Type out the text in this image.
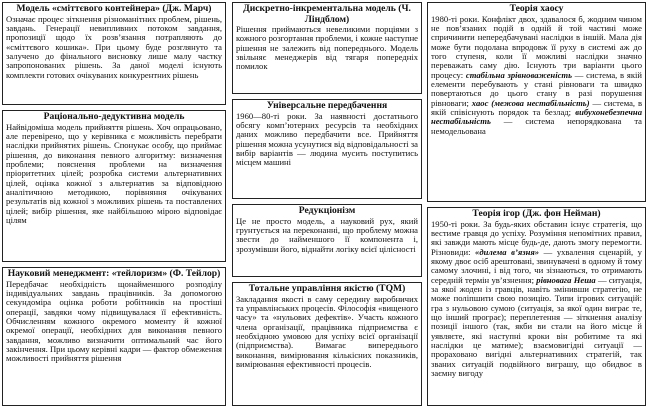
Модель «сміттєвого контейнера» (Дж. Марч)

Означає процес зіткнення різноманітних проблем, рішень, завдань. Генерації невипливних потоком завдання, пропозиції щодо їх розв’язання потрапляють до «сміттєвого кошика». При цьому буде розглянуто та залучено до фінального висновку лише малу частку запропонованих рішень. За даної моделі існують комплекти готових очікуваних конкурентних рішень

Раціонально-дедуктивна модель

Найвідоміша модель прийняття рішень. Хоч опрацьовано, але перевірено, що у керівника є можливість перебрати наслідки прийнятих рішень. Спонукає особу, що приймає рішення, до виконання певного алгоритму: визначення проблеми; пояснення проблеми на визначення пріоритетних цілей; розробка системи альтернативних цілей, оцінка кожної з альтернатив за відповідною аналітичною методикою, порівняння очікуваних результатів від кожної з можливих рішень та поставлених цілей; вибір рішення, яке найбільшою мірою відповідає цілям

Науковий менеджмент: «тейлоризм» (Ф. Тейлор)

Передбачає необхідність щонайменшого розподілу індивідуальних завдань працівників. За допомогою секундоміра оцінка роботи робітників на простіші операції, завдяки чому підвищувалася її ефективність. Обчисленням кожного окремого моменту й кожної окремої операції, необхідних для виконання певного завдання, можливо визначити оптимальний час його закінчення. При цьому керівні кадри — фактор обмеження можливості прийняття рішення

Дискретно-інкрементальна модель (Ч. Ліндблом)

Рішення приймаються невеликими порціями з кожного розгортання проблеми, і кожне наступне рішення не залежить від попереднього. Модель звільняє менеджерів від тягаря попередніх помилок

Універсальне передбачення

1960—80-ті роки. За наявності достатнього обсягу комп’ютерних ресурсів та необхідних даних можливо передбачити все. Прийняття рішення можна усунутися від відповідальності за вибір варіантів — людина мусить поступитись місцем машині

Редукціонізм

Це не просто модель, а науковий рух, який грунтується на переконанні, що проблему можна звести до найменшого її компонента і, зрозумівши його, віднайти логіку всієї цілісності

Тотальне управління якістю (TQM)

Закладання якості в саму середину виробничих та управлінських процесів. Філософія «вищеного часу» та «нульових дефектів». Участь кожного члена організації, працівника підприємства є необхідною умовою для успіху всієї організації (підприємства). Вимагає випереднього виконання, вимірювання кількісних показників, вимірювання ефективності процесів.

Теорія хаосу

1980-ті роки. Конфлікт двох, здавалося б, жодним чином не пов’язаних подій в одній й той частині може спричинити непередбачувані наслідки в іншій. Мала дія може бути подолана впродовж її руху в системі аж до того ступеня, коли її можливі наслідки значно переважать саму дію. Існують три варіанти цього процесу: стабільна зрівноваженість — система, в якій елементи перебувають у стані рівноваги та швидко повертаються до цього стану в разі порушення рівноваги; хаос (межова нестабільність) — система, в якій співіснують порядок та безлад; вибухонебезпечна нестабільність — система непорядкована та немодельована

Теорія ігор (Дж. фон Нейман)

1950-ті роки. За будь-яких обставин існує стратегія, що вестиме гравця до успіху. Розуміння непомітних правил, які завжди мають місце будь-де, дають змогу перемогти. Різновиди: «дилема в’язня» — ухвалення сценарій, у якому двоє осіб арештовані, звинувачені в одному й тому самому злочині, і від того, чи зізнаються, то отримають середній термін ув’язнення; рівновага Неша — ситуація, за якої жоден із гравців, навіть змінивши стратегію, не може поліпшити свою позицію. Типи ігрових ситуацій: гра з нульовою сумою (ситуація, за якої один виграє те, що інший програє); переплетення — зіткнення аналізу позиції іншого (так, якби ви стали на його місце й уявляєте, які наступні кроки він робитиме та які наслідки це матиме); взаємовигідні ситуації — прораховано вигідні альтернативних стратегій, так званих ситуацій подвійного виграшу, що обидвоє в заємну вигоду
